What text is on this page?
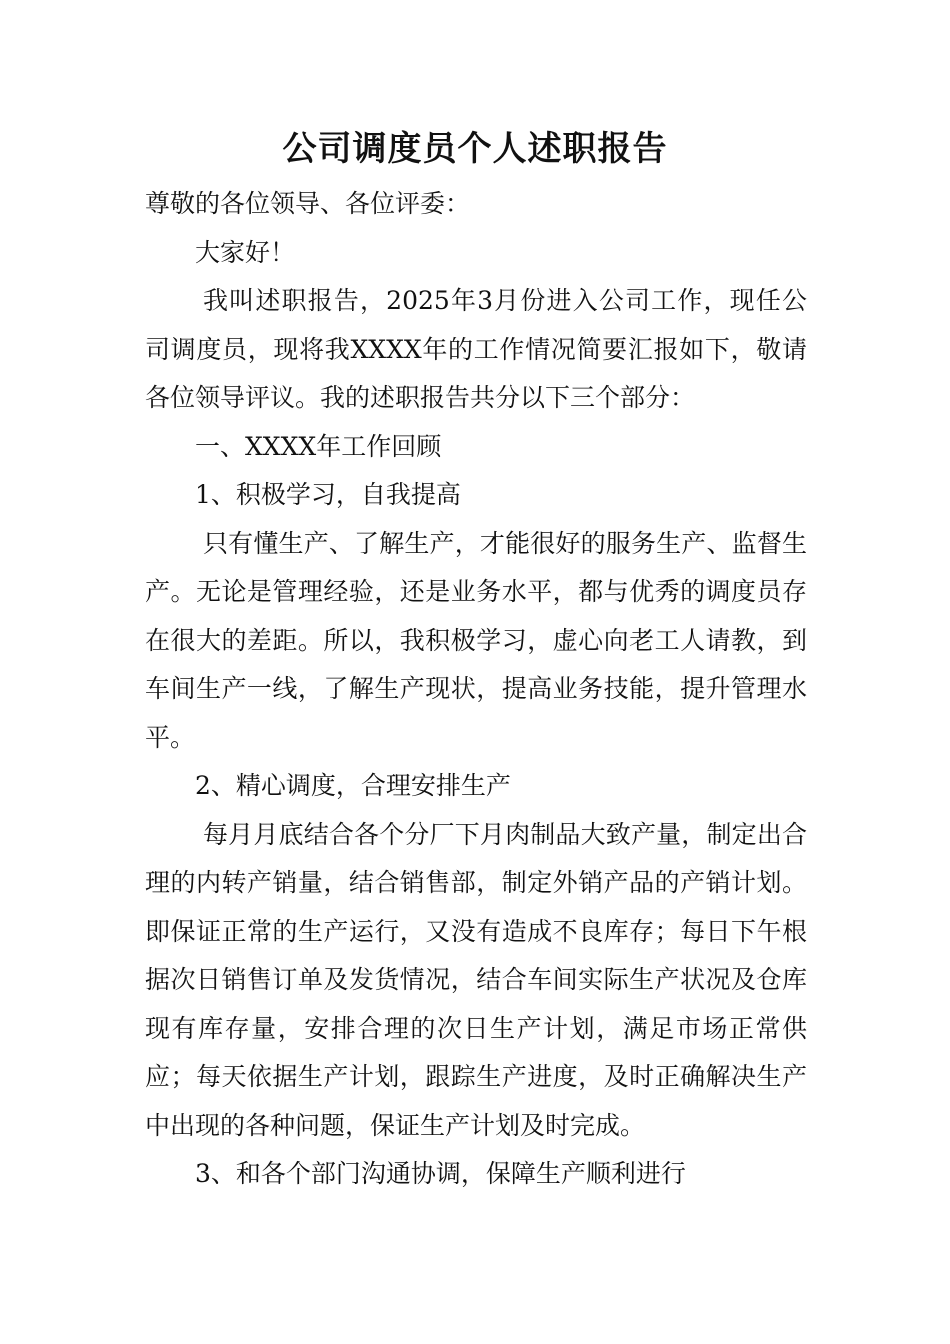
公司调度员个人述职报告

尊敬的各位领导、各位评委：

大家好！

我叫述职报告，2025年3月份进入公司工作，现任公司调度员，现将我XXXX年的工作情况简要汇报如下，敬请各位领导评议。我的述职报告共分以下三个部分：

一、XXXX年工作回顾

1、积极学习，自我提高

只有懂生产、了解生产，才能很好的服务生产、监督生产。无论是管理经验，还是业务水平，都与优秀的调度员存在很大的差距。所以，我积极学习，虚心向老工人请教，到车间生产一线，了解生产现状，提高业务技能，提升管理水平。

2、精心调度，合理安排生产

每月月底结合各个分厂下月肉制品大致产量，制定出合理的内转产销量，结合销售部，制定外销产品的产销计划。即保证正常的生产运行，又没有造成不良库存；每日下午根据次日销售订单及发货情况，结合车间实际生产状况及仓库现有库存量，安排合理的次日生产计划，满足市场正常供应；每天依据生产计划，跟踪生产进度，及时正确解决生产中出现的各种问题，保证生产计划及时完成。

3、和各个部门沟通协调，保障生产顺利进行
